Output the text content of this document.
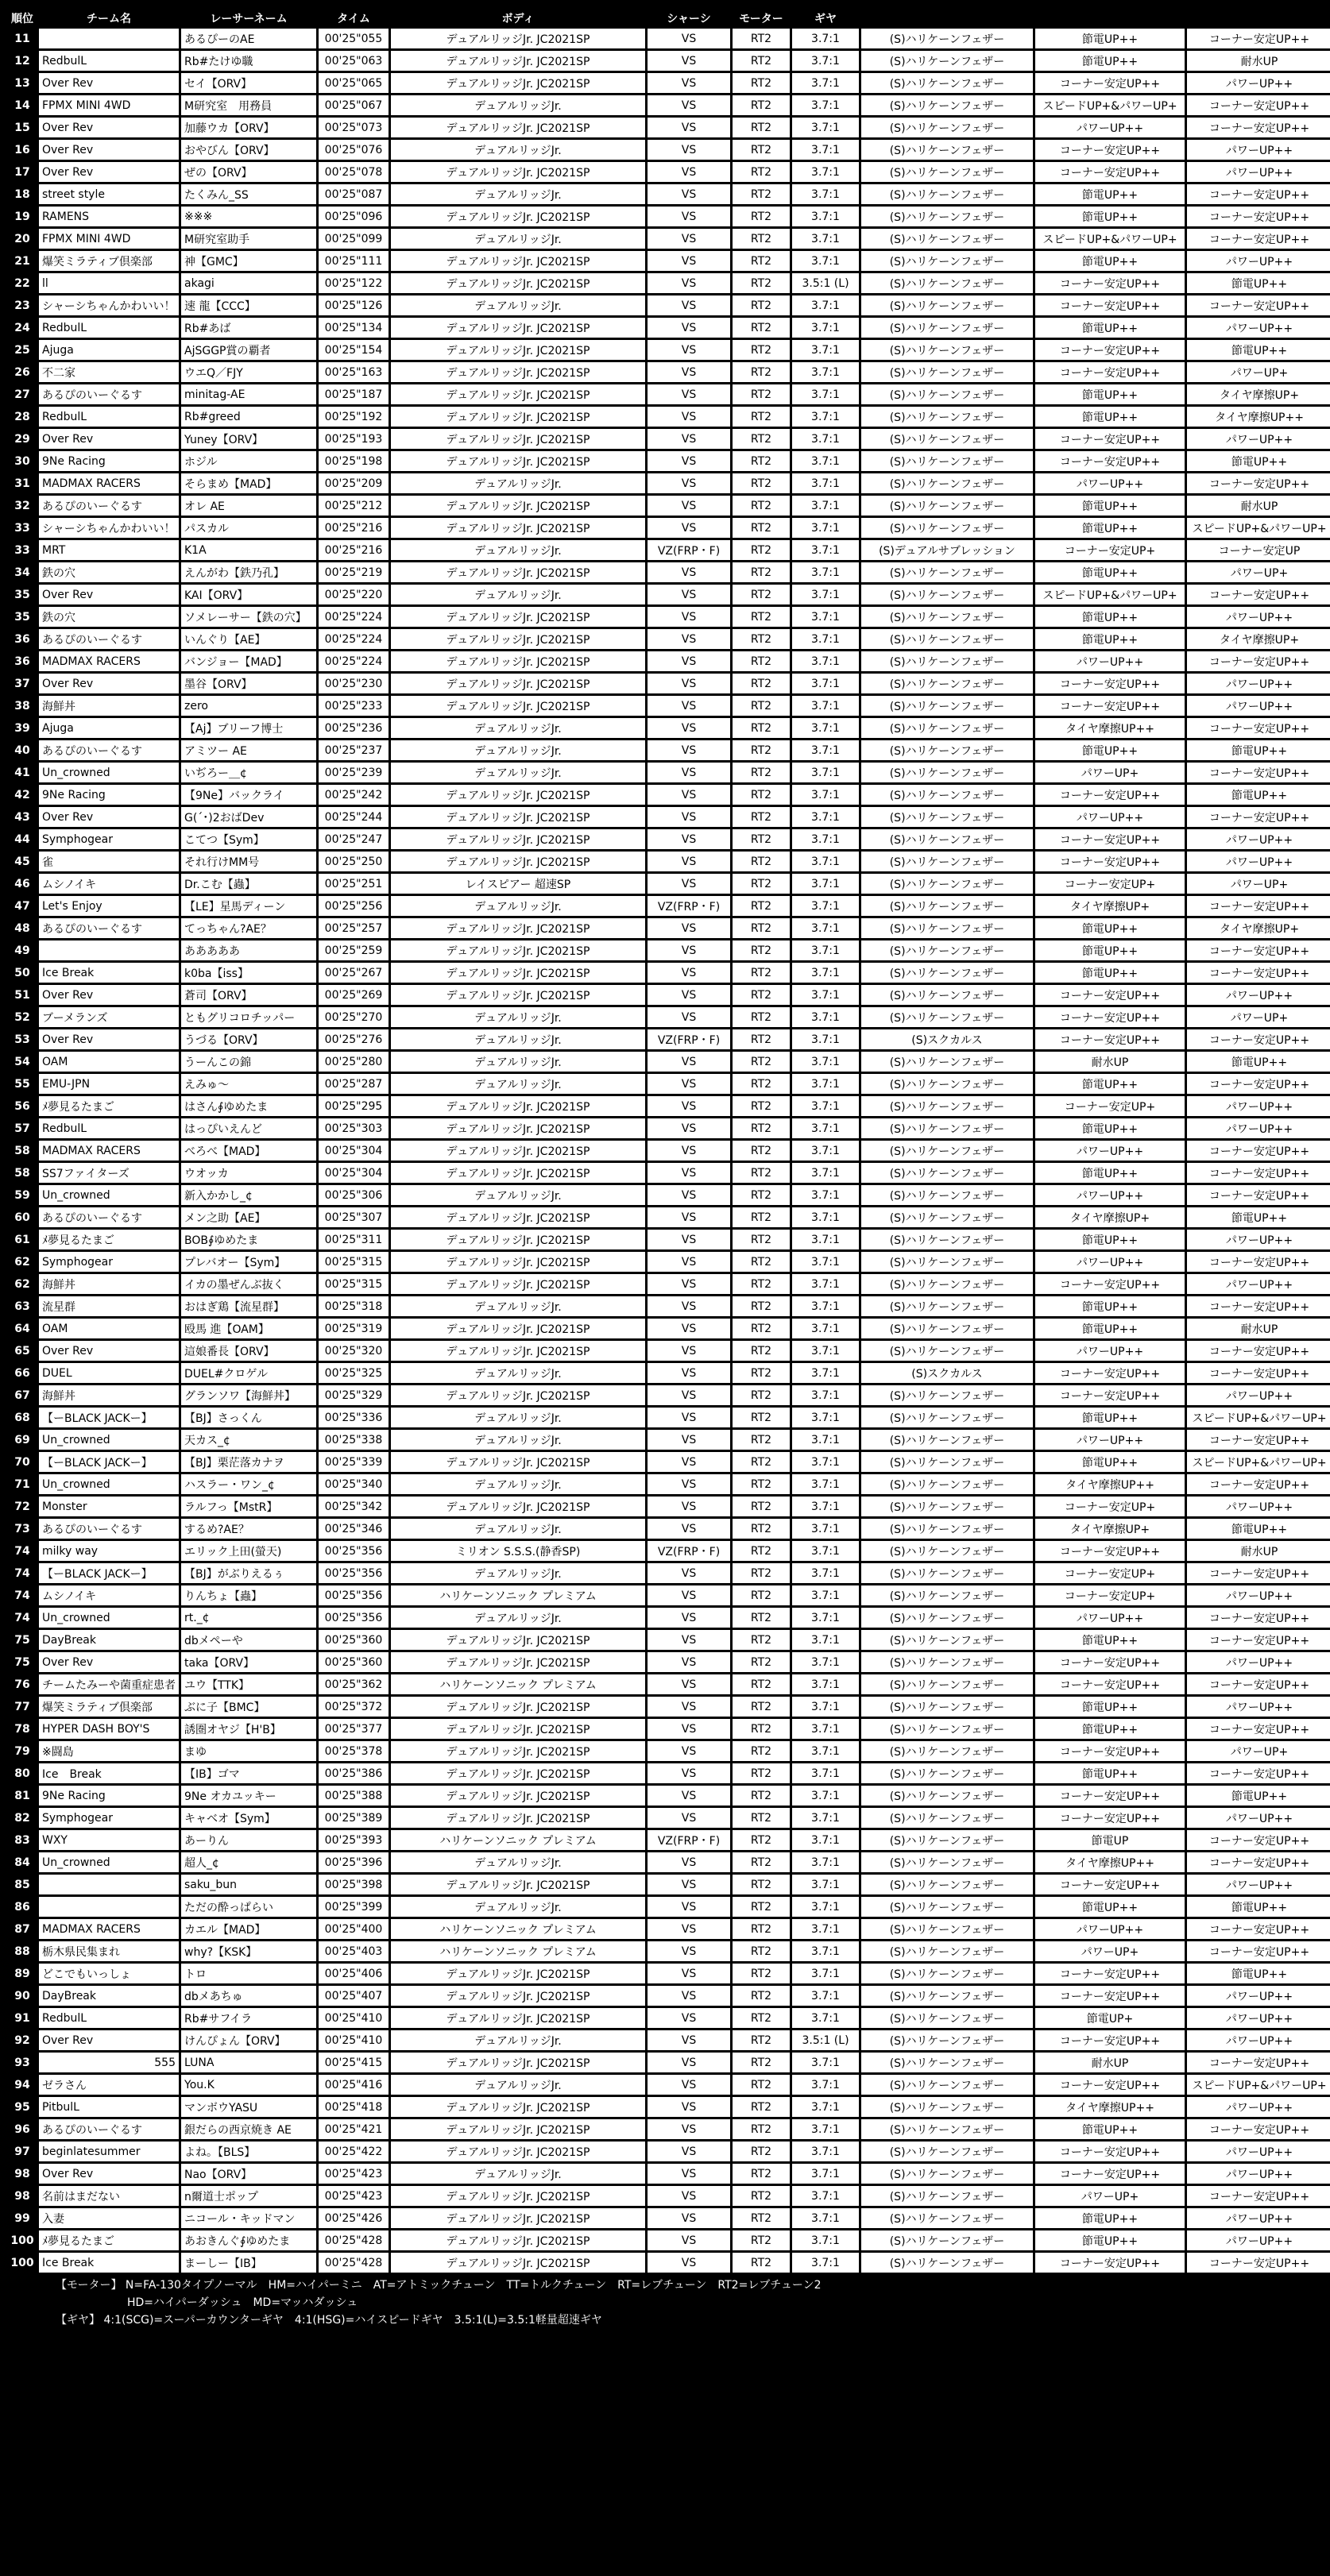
順位	チーム名	レーサーネーム	タイム	ボディ	シャーシ	モーター	ギヤ			
11		あるぴーのAE	00'25"055	デュアルリッジJr. JC2021SP	VS	RT2	3.7:1	(S)ハリケーンフェザー	節電UP++	コーナー安定UP++
12	RedbulL	Rb#たけゆ職	00'25"063	デュアルリッジJr. JC2021SP	VS	RT2	3.7:1	(S)ハリケーンフェザー	節電UP++	耐水UP
13	Over Rev	セイ【ORV】	00'25"065	デュアルリッジJr. JC2021SP	VS	RT2	3.7:1	(S)ハリケーンフェザー	コーナー安定UP++	パワーUP++
14	FPMX MINI 4WD	M研究室　用務員	00'25"067	デュアルリッジJr.	VS	RT2	3.7:1	(S)ハリケーンフェザー	スピードUP+&パワーUP+	コーナー安定UP++
15	Over Rev	加藤ウカ【ORV】	00'25"073	デュアルリッジJr. JC2021SP	VS	RT2	3.7:1	(S)ハリケーンフェザー	パワーUP++	コーナー安定UP++
16	Over Rev	おやびん【ORV】	00'25"076	デュアルリッジJr.	VS	RT2	3.7:1	(S)ハリケーンフェザー	コーナー安定UP++	パワーUP++
17	Over Rev	ぜの【ORV】	00'25"078	デュアルリッジJr. JC2021SP	VS	RT2	3.7:1	(S)ハリケーンフェザー	コーナー安定UP++	パワーUP++
18	street style	たくみん_SS	00'25"087	デュアルリッジJr.	VS	RT2	3.7:1	(S)ハリケーンフェザー	節電UP++	コーナー安定UP++
19	RAMENS	※※※	00'25"096	デュアルリッジJr. JC2021SP	VS	RT2	3.7:1	(S)ハリケーンフェザー	節電UP++	コーナー安定UP++
20	FPMX MINI 4WD	M研究室助手	00'25"099	デュアルリッジJr.	VS	RT2	3.7:1	(S)ハリケーンフェザー	スピードUP+&パワーUP+	コーナー安定UP++
21	爆笑ミラティブ倶楽部	神【GMC】	00'25"111	デュアルリッジJr. JC2021SP	VS	RT2	3.7:1	(S)ハリケーンフェザー	節電UP++	パワーUP++
22	ll	akagi	00'25"122	デュアルリッジJr. JC2021SP	VS	RT2	3.5:1 (L)	(S)ハリケーンフェザー	コーナー安定UP++	節電UP++
23	シャーシちゃんかわいい！	速 龍【CCC】	00'25"126	デュアルリッジJr.	VS	RT2	3.7:1	(S)ハリケーンフェザー	コーナー安定UP++	コーナー安定UP++
24	RedbulL	Rb#あば	00'25"134	デュアルリッジJr. JC2021SP	VS	RT2	3.7:1	(S)ハリケーンフェザー	節電UP++	パワーUP++
25	Ajuga	AjSGGP賞の覇者	00'25"154	デュアルリッジJr. JC2021SP	VS	RT2	3.7:1	(S)ハリケーンフェザー	コーナー安定UP++	節電UP++
26	不二家	ウエQ／FJY	00'25"163	デュアルリッジJr. JC2021SP	VS	RT2	3.7:1	(S)ハリケーンフェザー	コーナー安定UP++	パワーUP+
27	あるぴのいーぐるす	minitag-AE	00'25"187	デュアルリッジJr. JC2021SP	VS	RT2	3.7:1	(S)ハリケーンフェザー	節電UP++	タイヤ摩擦UP+
28	RedbulL	Rb#greed	00'25"192	デュアルリッジJr. JC2021SP	VS	RT2	3.7:1	(S)ハリケーンフェザー	節電UP++	タイヤ摩擦UP++
29	Over Rev	Yuney【ORV】	00'25"193	デュアルリッジJr. JC2021SP	VS	RT2	3.7:1	(S)ハリケーンフェザー	コーナー安定UP++	パワーUP++
30	9Ne Racing	ホジル	00'25"198	デュアルリッジJr. JC2021SP	VS	RT2	3.7:1	(S)ハリケーンフェザー	コーナー安定UP++	節電UP++
31	MADMAX RACERS	そらまめ【MAD】	00'25"209	デュアルリッジJr.	VS	RT2	3.7:1	(S)ハリケーンフェザー	パワーUP++	コーナー安定UP++
32	あるぴのいーぐるす	オレ AE	00'25"212	デュアルリッジJr. JC2021SP	VS	RT2	3.7:1	(S)ハリケーンフェザー	節電UP++	耐水UP
33	シャーシちゃんかわいい！	パスカル	00'25"216	デュアルリッジJr. JC2021SP	VS	RT2	3.7:1	(S)ハリケーンフェザー	節電UP++	スピードUP+&パワーUP+
33	MRT	K1A	00'25"216	デュアルリッジJr.	VZ(FRP・F)	RT2	3.7:1	(S)デュアルサブレッション	コーナー安定UP+	コーナー安定UP
34	鉄の穴	えんがわ【鉄乃孔】	00'25"219	デュアルリッジJr. JC2021SP	VS	RT2	3.7:1	(S)ハリケーンフェザー	節電UP++	パワーUP+
35	Over Rev	KAI【ORV】	00'25"220	デュアルリッジJr.	VS	RT2	3.7:1	(S)ハリケーンフェザー	スピードUP+&パワーUP+	コーナー安定UP++
35	鉄の穴	ソメレーサー【鉄の穴】	00'25"224	デュアルリッジJr. JC2021SP	VS	RT2	3.7:1	(S)ハリケーンフェザー	節電UP++	パワーUP++
36	あるぴのいーぐるす	いんぐり【AE】	00'25"224	デュアルリッジJr. JC2021SP	VS	RT2	3.7:1	(S)ハリケーンフェザー	節電UP++	タイヤ摩擦UP+
36	MADMAX RACERS	バンジョー【MAD】	00'25"224	デュアルリッジJr. JC2021SP	VS	RT2	3.7:1	(S)ハリケーンフェザー	パワーUP++	コーナー安定UP++
37	Over Rev	墨谷【ORV】	00'25"230	デュアルリッジJr. JC2021SP	VS	RT2	3.7:1	(S)ハリケーンフェザー	コーナー安定UP++	パワーUP++
38	海鮮丼	zero	00'25"233	デュアルリッジJr. JC2021SP	VS	RT2	3.7:1	(S)ハリケーンフェザー	コーナー安定UP++	パワーUP++
39	Ajuga	【Aj】ブリーフ博士	00'25"236	デュアルリッジJr.	VS	RT2	3.7:1	(S)ハリケーンフェザー	タイヤ摩擦UP++	コーナー安定UP++
40	あるぴのいーぐるす	アミツー AE	00'25"237	デュアルリッジJr.	VS	RT2	3.7:1	(S)ハリケーンフェザー	節電UP++	節電UP++
41	Un_crowned	いぢろー＿¢	00'25"239	デュアルリッジJr.	VS	RT2	3.7:1	(S)ハリケーンフェザー	パワーUP+	コーナー安定UP++
42	9Ne Racing	【9Ne】バックライ	00'25"242	デュアルリッジJr. JC2021SP	VS	RT2	3.7:1	(S)ハリケーンフェザー	コーナー安定UP++	節電UP++
43	Over Rev	G(´･)2おばDev	00'25"244	デュアルリッジJr. JC2021SP	VS	RT2	3.7:1	(S)ハリケーンフェザー	パワーUP++	コーナー安定UP++
44	Symphogear	こてつ【Sym】	00'25"247	デュアルリッジJr. JC2021SP	VS	RT2	3.7:1	(S)ハリケーンフェザー	コーナー安定UP++	パワーUP++
45	雀	それ行けMM号	00'25"250	デュアルリッジJr. JC2021SP	VS	RT2	3.7:1	(S)ハリケーンフェザー	コーナー安定UP++	パワーUP++
46	ムシノイキ	Dr.こむ【蟲】	00'25"251	レイスピアー 超速SP	VS	RT2	3.7:1	(S)ハリケーンフェザー	コーナー安定UP+	パワーUP+
47	Let's Enjoy	【LE】星馬ディーン	00'25"256	デュアルリッジJr.	VZ(FRP・F)	RT2	3.7:1	(S)ハリケーンフェザー	タイヤ摩擦UP+	コーナー安定UP++
48	あるぴのいーぐるす	てっちゃん?AE？	00'25"257	デュアルリッジJr. JC2021SP	VS	RT2	3.7:1	(S)ハリケーンフェザー	節電UP++	タイヤ摩擦UP+
49		あああああ	00'25"259	デュアルリッジJr. JC2021SP	VS	RT2	3.7:1	(S)ハリケーンフェザー	節電UP++	コーナー安定UP++
50	Ice Break	k0ba【iss】	00'25"267	デュアルリッジJr. JC2021SP	VS	RT2	3.7:1	(S)ハリケーンフェザー	節電UP++	コーナー安定UP++
51	Over Rev	蒼司【ORV】	00'25"269	デュアルリッジJr. JC2021SP	VS	RT2	3.7:1	(S)ハリケーンフェザー	コーナー安定UP++	パワーUP++
52	ブーメランズ	ともグリコロチッパー	00'25"270	デュアルリッジJr.	VS	RT2	3.7:1	(S)ハリケーンフェザー	コーナー安定UP++	パワーUP+
53	Over Rev	うづる【ORV】	00'25"276	デュアルリッジJr.	VZ(FRP・F)	RT2	3.7:1	(S)スクカルス	コーナー安定UP++	コーナー安定UP++
54	OAM	うーんこの錦	00'25"280	デュアルリッジJr.	VS	RT2	3.7:1	(S)ハリケーンフェザー	耐水UP	節電UP++
55	EMU-JPN	えみゅ～	00'25"287	デュアルリッジJr.	VS	RT2	3.7:1	(S)ハリケーンフェザー	節電UP++	コーナー安定UP++
56	ﾒ夢見るたまご	はさん∮ゆめたま	00'25"295	デュアルリッジJr. JC2021SP	VS	RT2	3.7:1	(S)ハリケーンフェザー	コーナー安定UP+	パワーUP++
57	RedbulL	はっぴいえんど	00'25"303	デュアルリッジJr. JC2021SP	VS	RT2	3.7:1	(S)ハリケーンフェザー	節電UP++	パワーUP++
58	MADMAX RACERS	べろべ【MAD】	00'25"304	デュアルリッジJr. JC2021SP	VS	RT2	3.7:1	(S)ハリケーンフェザー	パワーUP++	コーナー安定UP++
58	SS7ファイターズ	ウオッカ	00'25"304	デュアルリッジJr. JC2021SP	VS	RT2	3.7:1	(S)ハリケーンフェザー	節電UP++	コーナー安定UP++
59	Un_crowned	新入かかし_¢	00'25"306	デュアルリッジJr.	VS	RT2	3.7:1	(S)ハリケーンフェザー	パワーUP++	コーナー安定UP++
60	あるぴのいーぐるす	メン之助【AE】	00'25"307	デュアルリッジJr. JC2021SP	VS	RT2	3.7:1	(S)ハリケーンフェザー	タイヤ摩擦UP+	節電UP++
61	ﾒ夢見るたまご	BOB∮ゆめたま	00'25"311	デュアルリッジJr. JC2021SP	VS	RT2	3.7:1	(S)ハリケーンフェザー	節電UP++	パワーUP++
62	Symphogear	プレバオー【Sym】	00'25"315	デュアルリッジJr. JC2021SP	VS	RT2	3.7:1	(S)ハリケーンフェザー	パワーUP++	コーナー安定UP++
62	海鮮丼	イカの墨ぜんぶ抜く	00'25"315	デュアルリッジJr. JC2021SP	VS	RT2	3.7:1	(S)ハリケーンフェザー	コーナー安定UP++	パワーUP++
63	流星群	おはぎ鶏【流星群】	00'25"318	デュアルリッジJr.	VS	RT2	3.7:1	(S)ハリケーンフェザー	節電UP++	コーナー安定UP++
64	OAM	殴馬 進【OAM】	00'25"319	デュアルリッジJr. JC2021SP	VS	RT2	3.7:1	(S)ハリケーンフェザー	節電UP++	耐水UP
65	Over Rev	這娘番長【ORV】	00'25"320	デュアルリッジJr. JC2021SP	VS	RT2	3.7:1	(S)ハリケーンフェザー	パワーUP++	コーナー安定UP++
66	DUEL	DUEL#クロゲル	00'25"325	デュアルリッジJr.	VS	RT2	3.7:1	(S)スクカルス	コーナー安定UP++	コーナー安定UP++
67	海鮮丼	グランソワ【海鮮丼】	00'25"329	デュアルリッジJr. JC2021SP	VS	RT2	3.7:1	(S)ハリケーンフェザー	コーナー安定UP++	パワーUP++
68	【ーBLACK JACKー】	【BJ】さっくん	00'25"336	デュアルリッジJr.	VS	RT2	3.7:1	(S)ハリケーンフェザー	節電UP++	スピードUP+&パワーUP+
69	Un_crowned	天カス_¢	00'25"338	デュアルリッジJr.	VS	RT2	3.7:1	(S)ハリケーンフェザー	パワーUP++	コーナー安定UP++
70	【ーBLACK JACKー】	【BJ】栗茫落カナヲ	00'25"339	デュアルリッジJr. JC2021SP	VS	RT2	3.7:1	(S)ハリケーンフェザー	節電UP++	スピードUP+&パワーUP+
71	Un_crowned	ハスラー・ワン_¢	00'25"340	デュアルリッジJr.	VS	RT2	3.7:1	(S)ハリケーンフェザー	タイヤ摩擦UP++	コーナー安定UP++
72	Monster	ラルフっ【MstR】	00'25"342	デュアルリッジJr. JC2021SP	VS	RT2	3.7:1	(S)ハリケーンフェザー	コーナー安定UP+	パワーUP++
73	あるぴのいーぐるす	するめ?AE？	00'25"346	デュアルリッジJr.	VS	RT2	3.7:1	(S)ハリケーンフェザー	タイヤ摩擦UP+	節電UP++
74	milky way	エリック上田(螢天)	00'25"356	ミリオン S.S.S.(静香SP)	VZ(FRP・F)	RT2	3.7:1	(S)ハリケーンフェザー	コーナー安定UP++	耐水UP
74	【ーBLACK JACKー】	【BJ】がぶりえるぅ	00'25"356	デュアルリッジJr.	VS	RT2	3.7:1	(S)ハリケーンフェザー	コーナー安定UP+	コーナー安定UP++
74	ムシノイキ	りんちょ【蟲】	00'25"356	ハリケーンソニック プレミアム	VS	RT2	3.7:1	(S)ハリケーンフェザー	コーナー安定UP+	パワーUP++
74	Un_crowned	rt._¢	00'25"356	デュアルリッジJr.	VS	RT2	3.7:1	(S)ハリケーンフェザー	パワーUP++	コーナー安定UP++
75	DayBreak	dbメペーや	00'25"360	デュアルリッジJr. JC2021SP	VS	RT2	3.7:1	(S)ハリケーンフェザー	節電UP++	コーナー安定UP++
75	Over Rev	taka【ORV】	00'25"360	デュアルリッジJr. JC2021SP	VS	RT2	3.7:1	(S)ハリケーンフェザー	コーナー安定UP++	パワーUP++
76	チームたみーや菌重症患者	ユウ【TTK】	00'25"362	ハリケーンソニック プレミアム	VS	RT2	3.7:1	(S)ハリケーンフェザー	コーナー安定UP++	コーナー安定UP++
77	爆笑ミラティブ倶楽部	ぶに子【BMC】	00'25"372	デュアルリッジJr. JC2021SP	VS	RT2	3.7:1	(S)ハリケーンフェザー	節電UP++	パワーUP++
78	HYPER DASH BOY'S	誘圏オヤジ【H'B】	00'25"377	デュアルリッジJr. JC2021SP	VS	RT2	3.7:1	(S)ハリケーンフェザー	節電UP++	コーナー安定UP++
79	※闘島	まゆ	00'25"378	デュアルリッジJr. JC2021SP	VS	RT2	3.7:1	(S)ハリケーンフェザー	コーナー安定UP++	パワーUP+
80	Ice　Break	【IB】ゴマ	00'25"386	デュアルリッジJr. JC2021SP	VS	RT2	3.7:1	(S)ハリケーンフェザー	節電UP++	コーナー安定UP++
81	9Ne Racing	9Ne オカユッキー	00'25"388	デュアルリッジJr. JC2021SP	VS	RT2	3.7:1	(S)ハリケーンフェザー	コーナー安定UP++	節電UP++
82	Symphogear	キャベオ【Sym】	00'25"389	デュアルリッジJr. JC2021SP	VS	RT2	3.7:1	(S)ハリケーンフェザー	コーナー安定UP++	パワーUP++
83	WXY	あーりん	00'25"393	ハリケーンソニック プレミアム	VZ(FRP・F)	RT2	3.7:1	(S)ハリケーンフェザー	節電UP	コーナー安定UP++
84	Un_crowned	超人_¢	00'25"396	デュアルリッジJr.	VS	RT2	3.7:1	(S)ハリケーンフェザー	タイヤ摩擦UP++	コーナー安定UP++
85		saku_bun	00'25"398	デュアルリッジJr. JC2021SP	VS	RT2	3.7:1	(S)ハリケーンフェザー	コーナー安定UP++	パワーUP++
86		ただの酔っぱらい	00'25"399	デュアルリッジJr.	VS	RT2	3.7:1	(S)ハリケーンフェザー	節電UP++	節電UP++
87	MADMAX RACERS	カエル【MAD】	00'25"400	ハリケーンソニック プレミアム	VS	RT2	3.7:1	(S)ハリケーンフェザー	パワーUP++	コーナー安定UP++
88	栃木県民集まれ	why?【KSK】	00'25"403	ハリケーンソニック プレミアム	VS	RT2	3.7:1	(S)ハリケーンフェザー	パワーUP+	コーナー安定UP++
89	どこでもいっしょ	トロ	00'25"406	デュアルリッジJr. JC2021SP	VS	RT2	3.7:1	(S)ハリケーンフェザー	コーナー安定UP++	節電UP++
90	DayBreak	dbメあちゅ	00'25"407	デュアルリッジJr. JC2021SP	VS	RT2	3.7:1	(S)ハリケーンフェザー	コーナー安定UP++	パワーUP++
91	RedbulL	Rb#サフイラ	00'25"410	デュアルリッジJr. JC2021SP	VS	RT2	3.7:1	(S)ハリケーンフェザー	節電UP+	パワーUP++
92	Over Rev	けんぴょん【ORV】	00'25"410	デュアルリッジJr.	VS	RT2	3.5:1 (L)	(S)ハリケーンフェザー	コーナー安定UP++	パワーUP++
93	555	LUNA	00'25"415	デュアルリッジJr. JC2021SP	VS	RT2	3.7:1	(S)ハリケーンフェザー	耐水UP	コーナー安定UP++
94	ゼラさん	You.K	00'25"416	デュアルリッジJr.	VS	RT2	3.7:1	(S)ハリケーンフェザー	コーナー安定UP++	スピードUP+&パワーUP+
95	PitbulL	マンボウYASU	00'25"418	デュアルリッジJr. JC2021SP	VS	RT2	3.7:1	(S)ハリケーンフェザー	タイヤ摩擦UP++	パワーUP++
96	あるぴのいーぐるす	銀だらの西京焼き AE	00'25"421	デュアルリッジJr. JC2021SP	VS	RT2	3.7:1	(S)ハリケーンフェザー	節電UP++	コーナー安定UP++
97	beginlatesummer	よね。【BLS】	00'25"422	デュアルリッジJr. JC2021SP	VS	RT2	3.7:1	(S)ハリケーンフェザー	コーナー安定UP++	パワーUP++
98	Over Rev	Nao【ORV】	00'25"423	デュアルリッジJr.	VS	RT2	3.7:1	(S)ハリケーンフェザー	コーナー安定UP++	パワーUP++
98	名前はまだない	n爾道士ポップ	00'25"423	デュアルリッジJr. JC2021SP	VS	RT2	3.7:1	(S)ハリケーンフェザー	パワーUP+	コーナー安定UP++
99	入妻	ニコール・キッドマン	00'25"426	デュアルリッジJr. JC2021SP	VS	RT2	3.7:1	(S)ハリケーンフェザー	節電UP++	パワーUP++
100	ﾒ夢見るたまご	あおきんぐ∮ゆめたま	00'25"428	デュアルリッジJr. JC2021SP	VS	RT2	3.7:1	(S)ハリケーンフェザー	節電UP++	パワーUP++
100	Ice Break	まーしー【IB】	00'25"428	デュアルリッジJr. JC2021SP	VS	RT2	3.7:1	(S)ハリケーンフェザー	コーナー安定UP++	コーナー安定UP++
【モーター】 N=FA-130タイプノーマル　HM=ハイパーミニ　AT=アトミックチューン　TT=トルクチューン　RT=レブチューン　RT2=レブチューン2
HD=ハイパーダッシュ　MD=マッハダッシュ
【ギヤ】 4:1(SCG)=スーパーカウンターギヤ　4:1(HSG)=ハイスピードギヤ　3.5:1(L)=3.5:1軽量超速ギヤ
